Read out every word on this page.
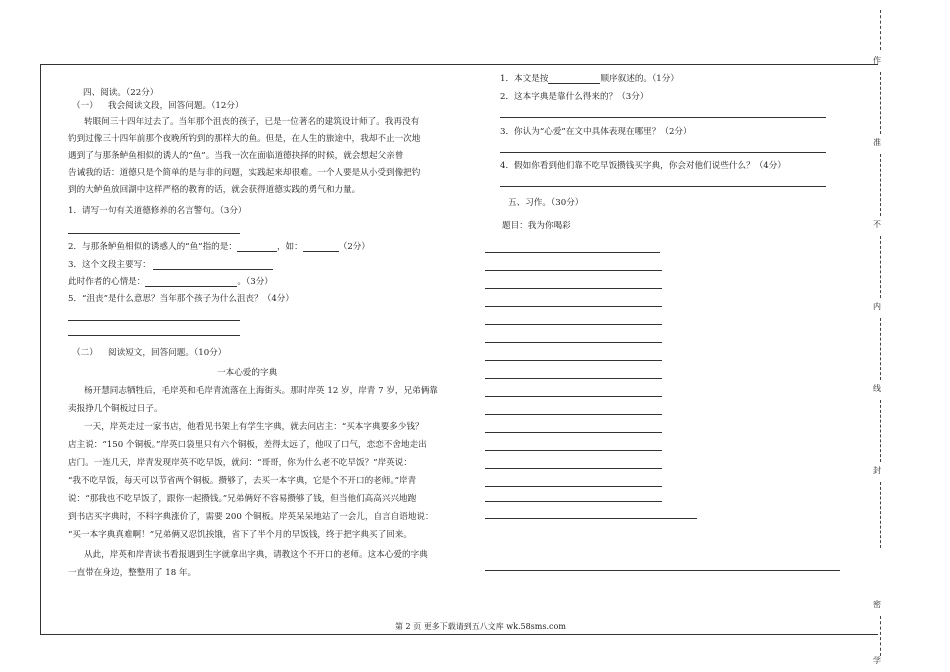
四、阅读。（22分）
（一） 我会阅读文段，回答问题。（12分）
转眼间三十四年过去了。当年那个沮丧的孩子，已是一位著名的建筑设计师了。我再没有
钓到过像三十四年前那个夜晚所钓到的那样大的鱼。但是，在人生的旅途中，我却不止一次地
遇到了与那条鲈鱼相似的诱人的“鱼”。当我一次在面临道德抉择的时候，就会想起父亲曾
告诫我的话：道德只是个简单的是与非的问题，实践起来却很难。一个人要是从小受到像把钓
到的大鲈鱼放回湖中这样严格的教育的话，就会获得道德实践的勇气和力量。
1．请写一句有关道德修养的名言警句。（3分）
2．与那条鲈鱼相似的诱惑人的“鱼”指的是：	，如：	（2分）
3．这个文段主要写：
此时作者的心情是：	。（3分）
5．“沮丧”是什么意思？当年那个孩子为什么沮丧？（4分）
（二） 阅读短文，回答问题。（10分）
一本心爱的字典
杨开慧同志牺牲后，毛岸英和毛岸青流落在上海街头。那时岸英 12 岁，岸青 7 岁，兄弟俩靠
卖报挣几个铜板过日子。
一天，岸英走过一家书店，他看见书架上有学生字典，就去问店主：“买本字典要多少钱？
店主说：“150 个铜板。”岸英口袋里只有六个铜板，差得太远了，他叹了口气，恋恋不舍地走出
店门。一连几天，岸青发现岸英不吃早饭，就问：“哥哥，你为什么老不吃早饭？”岸英说：
“我不吃早饭，每天可以节省两个铜板。攒够了，去买一本字典，它是个不开口的老师。”岸青
说：“那我也不吃早饭了，跟你一起攒钱。”兄弟俩好不容易攒够了钱，但当他们高高兴兴地跑
到书店买字典时，不料字典涨价了，需要 200 个铜板。岸英呆呆地站了一会儿，自言自语地说：
“买一本字典真难啊！”兄弟俩又忍饥挨饿，省下了半个月的早饭钱，终于把字典买了回来。
从此，岸英和岸青读书看报遇到生字就拿出字典，请教这个不开口的老师。这本心爱的字典
一直带在身边，整整用了 18 年。
1．本文是按	顺序叙述的。（1分）
2．这本字典是靠什么得来的？（3分）
3．你认为“心爱”在文中具体表现在哪里？（2分）
4．假如你看到他们靠不吃早饭攒钱买字典，你会对他们说些什么？（4分）
五、习作。（30分）
题目：我为你喝彩
作
准
不
内
线
封
密
学
第 2 页 更多下载请到五八文库 wk.58sms.com
